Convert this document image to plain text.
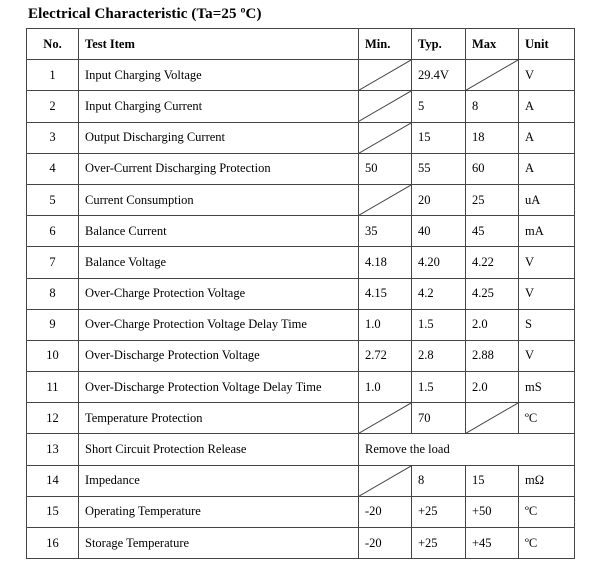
Electrical Characteristic (Ta=25 ºC)
No.	Test Item	Min.	Typ.	Max	Unit
1	Input Charging Voltage		29.4V		V
2	Input Charging Current		5	8	A
3	Output Discharging Current		15	18	A
4	Over-Current Discharging Protection	50	55	60	A
5	Current Consumption		20	25	uA
6	Balance Current	35	40	45	mA
7	Balance Voltage	4.18	4.20	4.22	V
8	Over-Charge Protection Voltage	4.15	4.2	4.25	V
9	Over-Charge Protection Voltage Delay Time	1.0	1.5	2.0	S
10	Over-Discharge Protection Voltage	2.72	2.8	2.88	V
11	Over-Discharge Protection Voltage Delay Time	1.0	1.5	2.0	mS
12	Temperature Protection		70		ºC
13	Short Circuit Protection Release	Remove the load			
14	Impedance		8	15	mΩ
15	Operating Temperature	-20	+25	+50	ºC
16	Storage Temperature	-20	+25	+45	ºC
